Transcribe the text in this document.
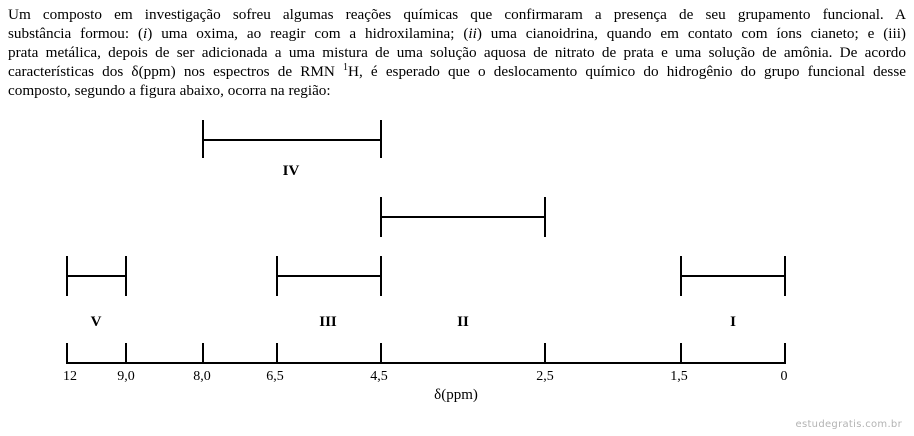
Um composto em investigação sofreu algumas reações químicas que confirmaram a presença de seu grupamento funcional. A
substância formou: (i) uma oxima, ao reagir com a hidroxilamina; (ii) uma cianoidrina, quando em contato com íons cianeto; e (iii)
prata metálica, depois de ser adicionada a uma mistura de uma solução aquosa de nitrato de prata e uma solução de amônia. De acordo
características dos δ(ppm) nos espectros de RMN $^1$H, é esperado que o deslocamento químico do hidrogênio do grupo funcional desse
composto, segundo a figura abaixo, ocorra na região:
IV
II
V	III	I
12	9,0	8,0	6,5	4,5	2,5	1,5	0
δ(ppm)
estudegratis.com.br
